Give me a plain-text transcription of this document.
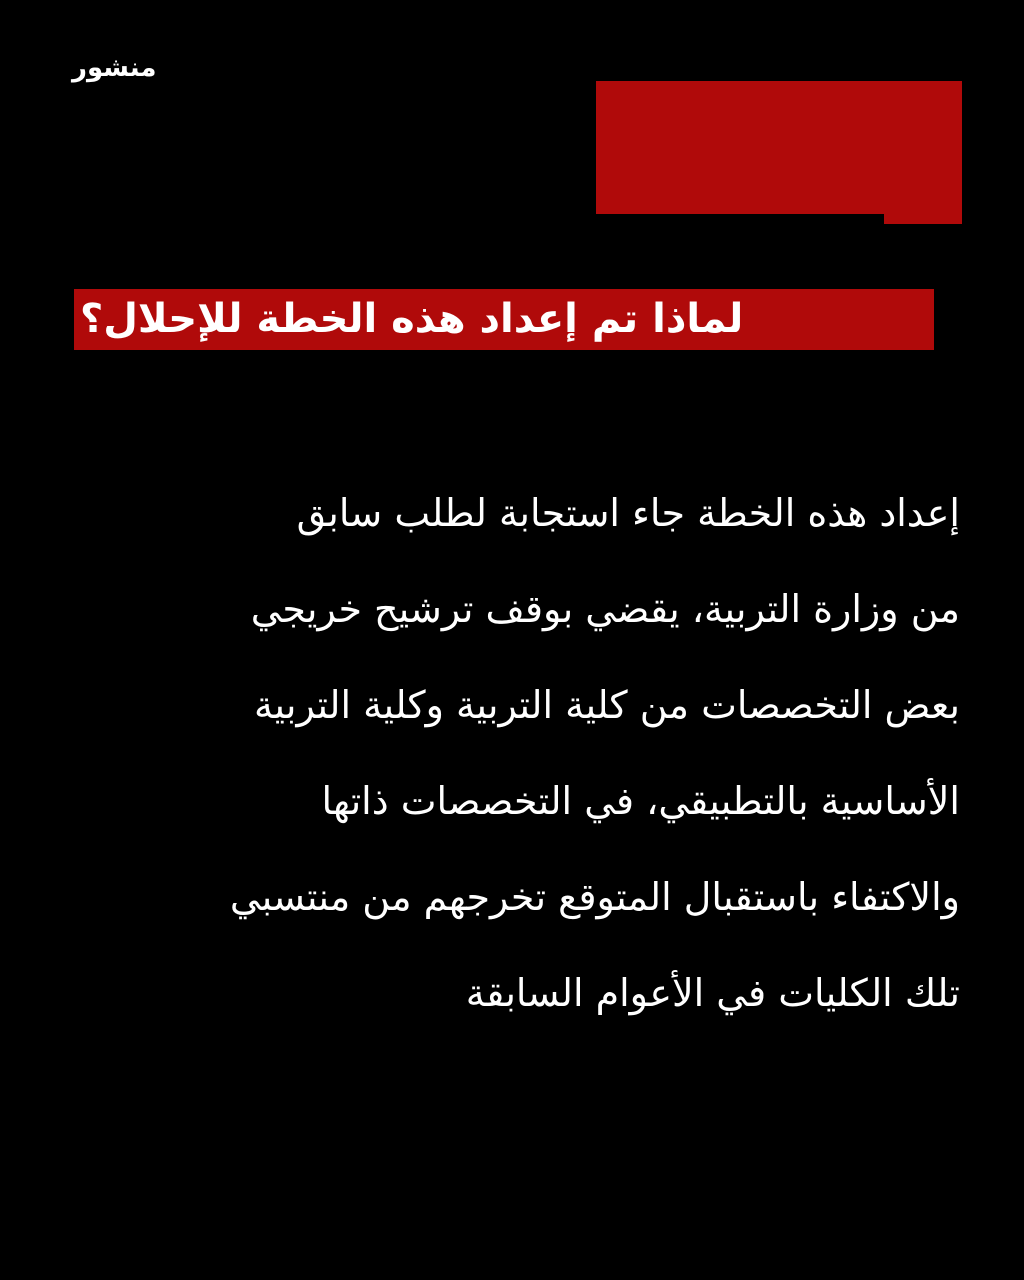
منشور
لماذا تم إعداد هذه الخطة للإحلال؟
إعداد هذه الخطة جاء استجابة لطلب سابق
من وزارة التربية، يقضي بوقف ترشيح خريجي
بعض التخصصات من كلية التربية وكلية التربية
الأساسية بالتطبيقي، في التخصصات ذاتها
والاكتفاء باستقبال المتوقع تخرجهم من منتسبي
تلك الكليات في الأعوام السابقة
